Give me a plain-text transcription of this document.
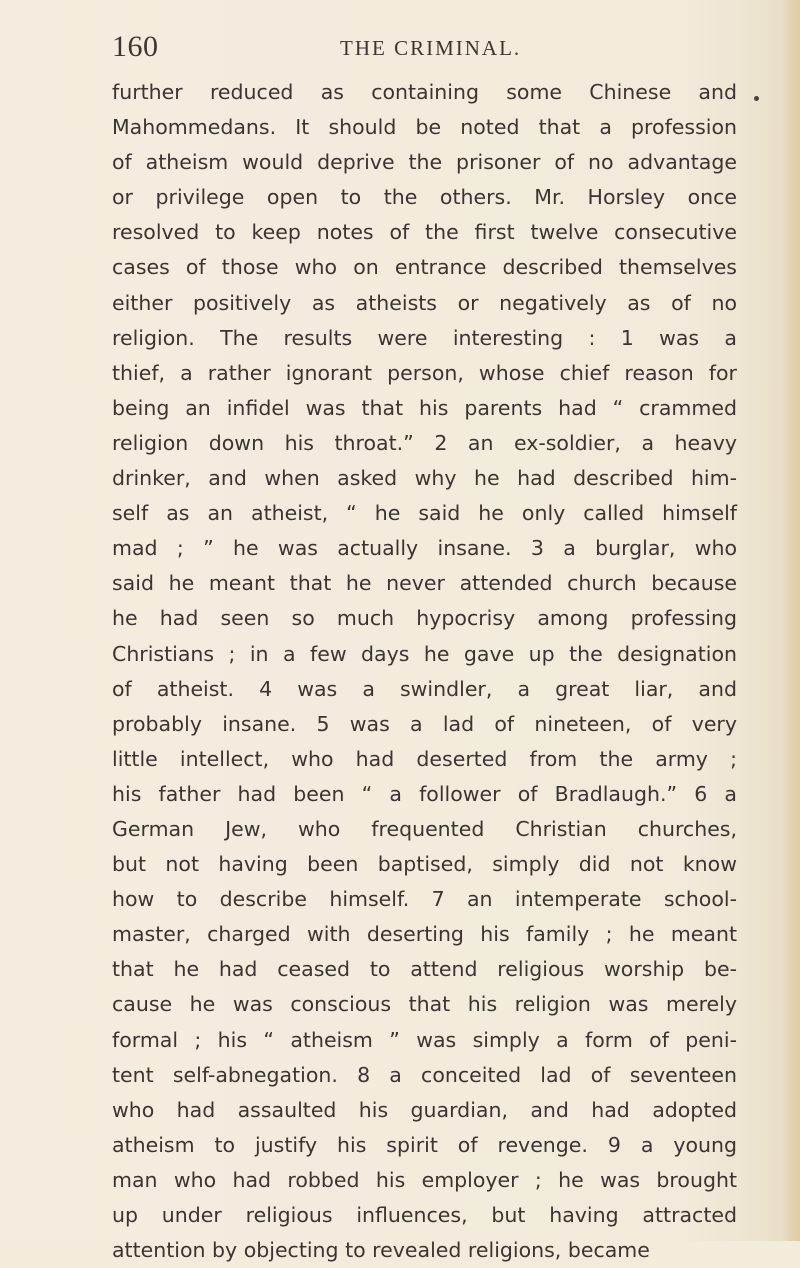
160	THE CRIMINAL.
further reduced as containing some Chinese and
Mahommedans. It should be noted that a profession
of atheism would deprive the prisoner of no advantage
or privilege open to the others. Mr. Horsley once
resolved to keep notes of the first twelve consecutive
cases of those who on entrance described themselves
either positively as atheists or negatively as of no
religion. The results were interesting : 1 was a
thief, a rather ignorant person, whose chief reason for
being an infidel was that his parents had “ crammed
religion down his throat.” 2 an ex-soldier, a heavy
drinker, and when asked why he had described him-
self as an atheist, “ he said he only called himself
mad ; ” he was actually insane. 3 a burglar, who
said he meant that he never attended church because
he had seen so much hypocrisy among professing
Christians ; in a few days he gave up the designation
of atheist. 4 was a swindler, a great liar, and
probably insane. 5 was a lad of nineteen, of very
little intellect, who had deserted from the army ;
his father had been “ a follower of Bradlaugh.” 6 a
German Jew, who frequented Christian churches,
but not having been baptised, simply did not know
how to describe himself. 7 an intemperate school-
master, charged with deserting his family ; he meant
that he had ceased to attend religious worship be-
cause he was conscious that his religion was merely
formal ; his “ atheism ” was simply a form of peni-
tent self-abnegation. 8 a conceited lad of seventeen
who had assaulted his guardian, and had adopted
atheism to justify his spirit of revenge. 9 a young
man who had robbed his employer ; he was brought
up under religious influences, but having attracted
attention by objecting to revealed religions, became
